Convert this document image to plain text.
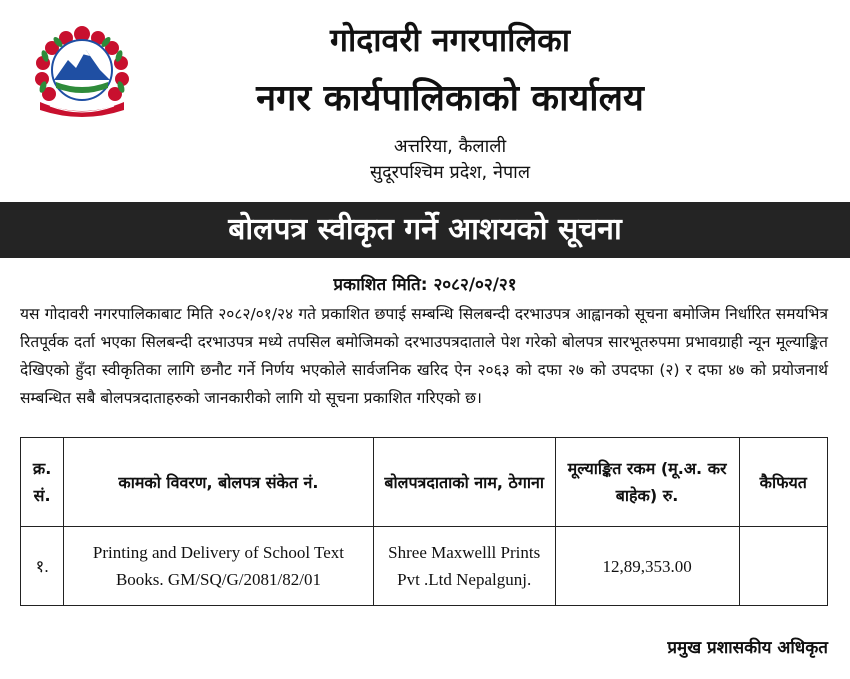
गोदावरी नगरपालिका
नगर कार्यपालिकाको कार्यालय
अत्तरिया, कैलाली
सुदूरपश्चिम प्रदेश, नेपाल
बोलपत्र स्वीकृत गर्ने आशयको सूचना
प्रकाशित मिति: २०८२/०२/२१
यस गोदावरी नगरपालिकाबाट मिति २०८२/०१/२४ गते प्रकाशित छपाई सम्बन्धि सिलबन्दी दरभाउपत्र आह्वानको सूचना बमोजिम निर्धारित समयभित्र रितपूर्वक दर्ता भएका सिलबन्दी दरभाउपत्र मध्ये तपसिल बमोजिमको दरभाउपत्रदाताले पेश गरेको बोलपत्र सारभूतरुपमा प्रभावग्राही न्यून मूल्याङ्कित देखिएको हुँदा स्वीकृतिका लागि छनौट गर्ने निर्णय भएकोले सार्वजनिक खरिद ऐन २०६३ को दफा २७ को उपदफा (२) र दफा ४७ को प्रयोजनार्थ सम्बन्धित सबै बोलपत्रदाताहरुको जानकारीको लागि यो सूचना प्रकाशित गरिएको छ।
क्र. सं.	कामको विवरण, बोलपत्र संकेत नं.	बोलपत्रदाताको नाम, ठेगाना	मूल्याङ्कित रकम (मू.अ. कर बाहेक) रु.	कैफियत
१.	Printing and Delivery of School Text Books. GM/SQ/G/2081/82/01	Shree Maxwelll Prints Pvt .Ltd Nepalgunj.	12,89,353.00	
प्रमुख प्रशासकीय अधिकृत
